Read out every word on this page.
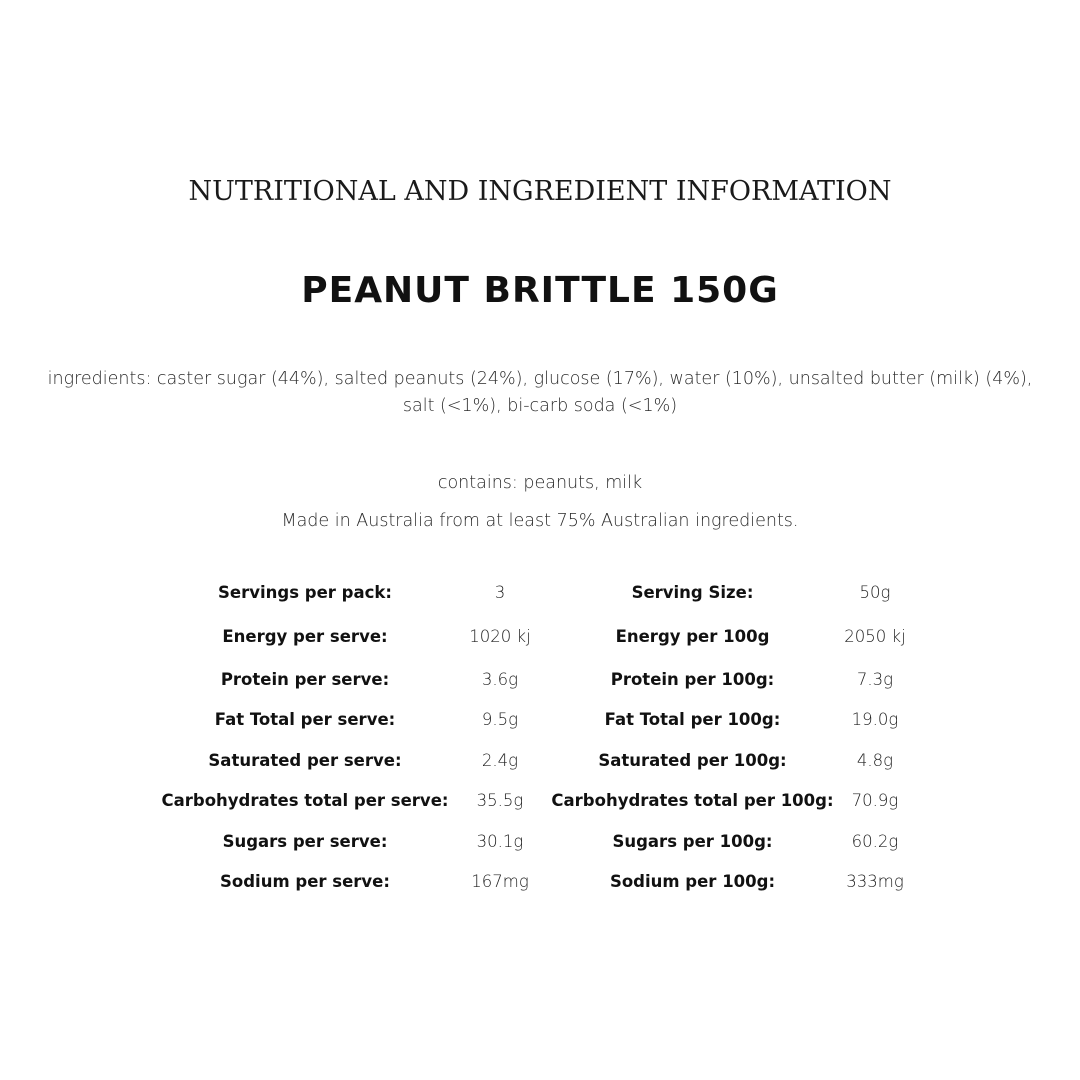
NUTRITIONAL AND INGREDIENT INFORMATION
PEANUT BRITTLE 150G
ingredients: caster sugar (44%), salted peanuts (24%), glucose (17%), water (10%), unsalted butter (milk) (4%), salt (<1%), bi-carb soda (<1%)
contains: peanuts, milk
Made in Australia from at least 75% Australian ingredients.
Servings per pack:	3	Serving Size:	50g
Energy per serve:	1020 kj	Energy per 100g	2050 kj
Protein per serve:	3.6g	Protein per 100g:	7.3g
Fat Total per serve:	9.5g	Fat Total per 100g:	19.0g
Saturated per serve:	2.4g	Saturated per 100g:	4.8g
Carbohydrates total per serve:	35.5g	Carbohydrates total per 100g:	70.9g
Sugars per serve:	30.1g	Sugars per 100g:	60.2g
Sodium per serve:	167mg	Sodium per 100g:	333mg
